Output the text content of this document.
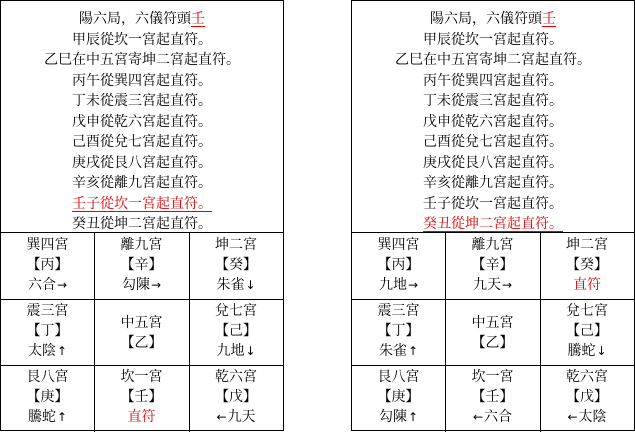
陽六局，六儀符頭壬
甲辰從坎一宮起直符。
乙巳在中五宮寄坤二宮起直符。
丙午從巽四宮起直符。
丁未從震三宮起直符。
戊申從乾六宮起直符。
己酉從兌七宮起直符。
庚戌從艮八宮起直符。
辛亥從離九宮起直符。
壬子從坎一宮起直符。
癸丑從坤二宮起直符。
巽四宮
【丙】
六合→
離九宮
【辛】
勾陳→
坤二宮
【癸】
朱雀↓
震三宮
【丁】
太陰↑
中五宮
【乙】
兌七宮
【己】
九地↓
艮八宮
【庚】
騰蛇↑
坎一宮
【壬】
直符
乾六宮
【戊】
←九天
陽六局，六儀符頭壬
甲辰從坎一宮起直符。
乙巳在中五宮寄坤二宮起直符。
丙午從巽四宮起直符。
丁未從震三宮起直符。
戊申從乾六宮起直符。
己酉從兌七宮起直符。
庚戌從艮八宮起直符。
辛亥從離九宮起直符。
壬子從坎一宮起直符。
癸丑從坤二宮起直符。
巽四宮
【丙】
九地→
離九宮
【辛】
九天→
坤二宮
【癸】
直符
震三宮
【丁】
朱雀↑
中五宮
【乙】
兌七宮
【己】
騰蛇↓
艮八宮
【庚】
勾陳↑
坎一宮
【壬】
←六合
乾六宮
【戊】
←太陰
